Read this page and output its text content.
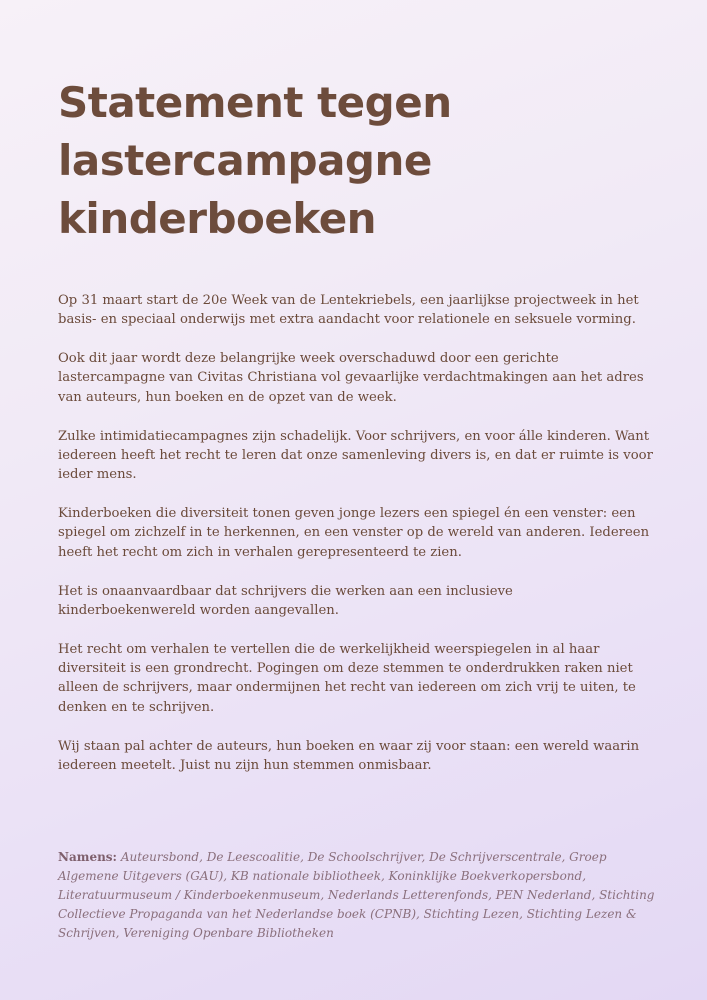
Statement tegen
lastercampagne
kinderboeken

Op 31 maart start de 20e Week van de Lentekriebels, een jaarlijkse projectweek in het basis- en speciaal onderwijs met extra aandacht voor relationele en seksuele vorming.

Ook dit jaar wordt deze belangrijke week overschaduwd door een gerichte lastercampagne van Civitas Christiana vol gevaarlijke verdachtmakingen aan het adres van auteurs, hun boeken en de opzet van de week.

Zulke intimidatiecampagnes zijn schadelijk. Voor schrijvers, en voor álle kinderen. Want iedereen heeft het recht te leren dat onze samenleving divers is, en dat er ruimte is voor ieder mens.

Kinderboeken die diversiteit tonen geven jonge lezers een spiegel én een venster: een spiegel om zichzelf in te herkennen, en een venster op de wereld van anderen. Iedereen heeft het recht om zich in verhalen gerepresenteerd te zien.

Het is onaanvaardbaar dat schrijvers die werken aan een inclusieve kinderboekenwereld worden aangevallen.

Het recht om verhalen te vertellen die de werkelijkheid weerspiegelen in al haar diversiteit is een grondrecht. Pogingen om deze stemmen te onderdrukken raken niet alleen de schrijvers, maar ondermijnen het recht van iedereen om zich vrij te uiten, te denken en te schrijven.

Wij staan pal achter de auteurs, hun boeken en waar zij voor staan: een wereld waarin iedereen meetelt. Juist nu zijn hun stemmen onmisbaar.

Namens: Auteursbond, De Leescoalitie, De Schoolschrijver, De Schrijverscentrale, Groep Algemene Uitgevers (GAU), KB nationale bibliotheek, Koninklijke Boekverkopersbond, Literatuurmuseum / Kinderboekenmuseum, Nederlands Letterenfonds, PEN Nederland, Stichting Collectieve Propaganda van het Nederlandse boek (CPNB), Stichting Lezen, Stichting Lezen & Schrijven, Vereniging Openbare Bibliotheken
